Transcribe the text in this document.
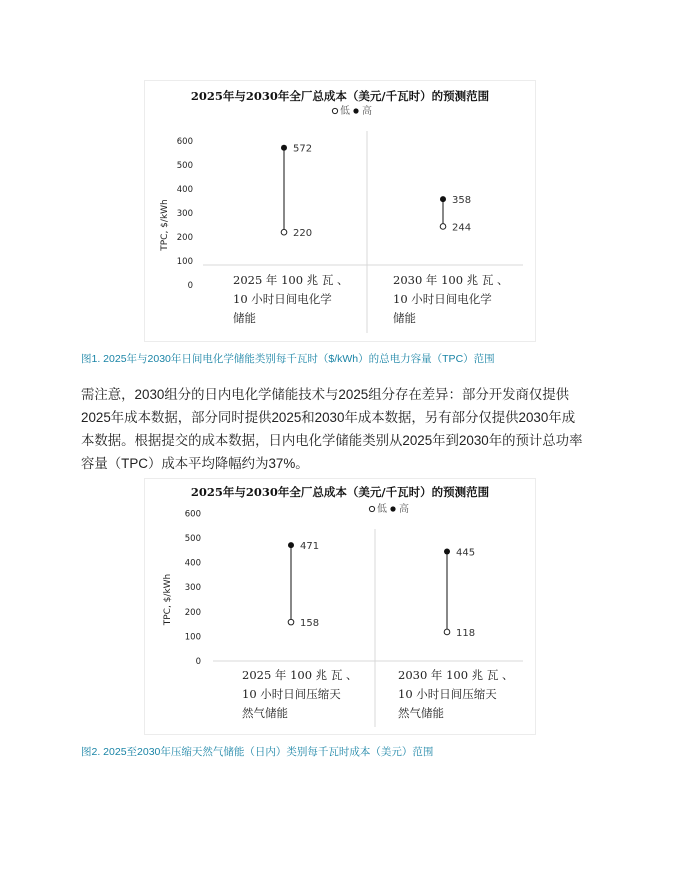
2025年与2030年全厂总成本（美元/千瓦时）的预测范围
低 高
0
100
200
300
400
500
600
TPC, $/kWh
572
220
2025 年 100 兆 瓦 、
10 小时日间电化学
储能
358
244
2030 年 100 兆 瓦 、
10 小时日间电化学
储能
图1. 2025年与2030年日间电化学储能类别每千瓦时（$/kWh）的总电力容量（TPC）范围
需注意，2030组分的日内电化学储能技术与2025组分存在差异：部分开发商仅提供
2025年成本数据，部分同时提供2025和2030年成本数据，另有部分仅提供2030年成
本数据。根据提交的成本数据，日内电化学储能类别从2025年到2030年的预计总功率
容量（TPC）成本平均降幅约为37%。
2025年与2030年全厂总成本（美元/千瓦时）的预测范围
低 高
0
100
200
300
400
500
600
TPC, $/kWh
471
158
2025 年 100 兆 瓦 、
10 小时日间压缩天
然气储能
445
118
2030 年 100 兆 瓦 、
10 小时日间压缩天
然气储能
图2. 2025至2030年压缩天然气储能（日内）类别每千瓦时成本（美元）范围
